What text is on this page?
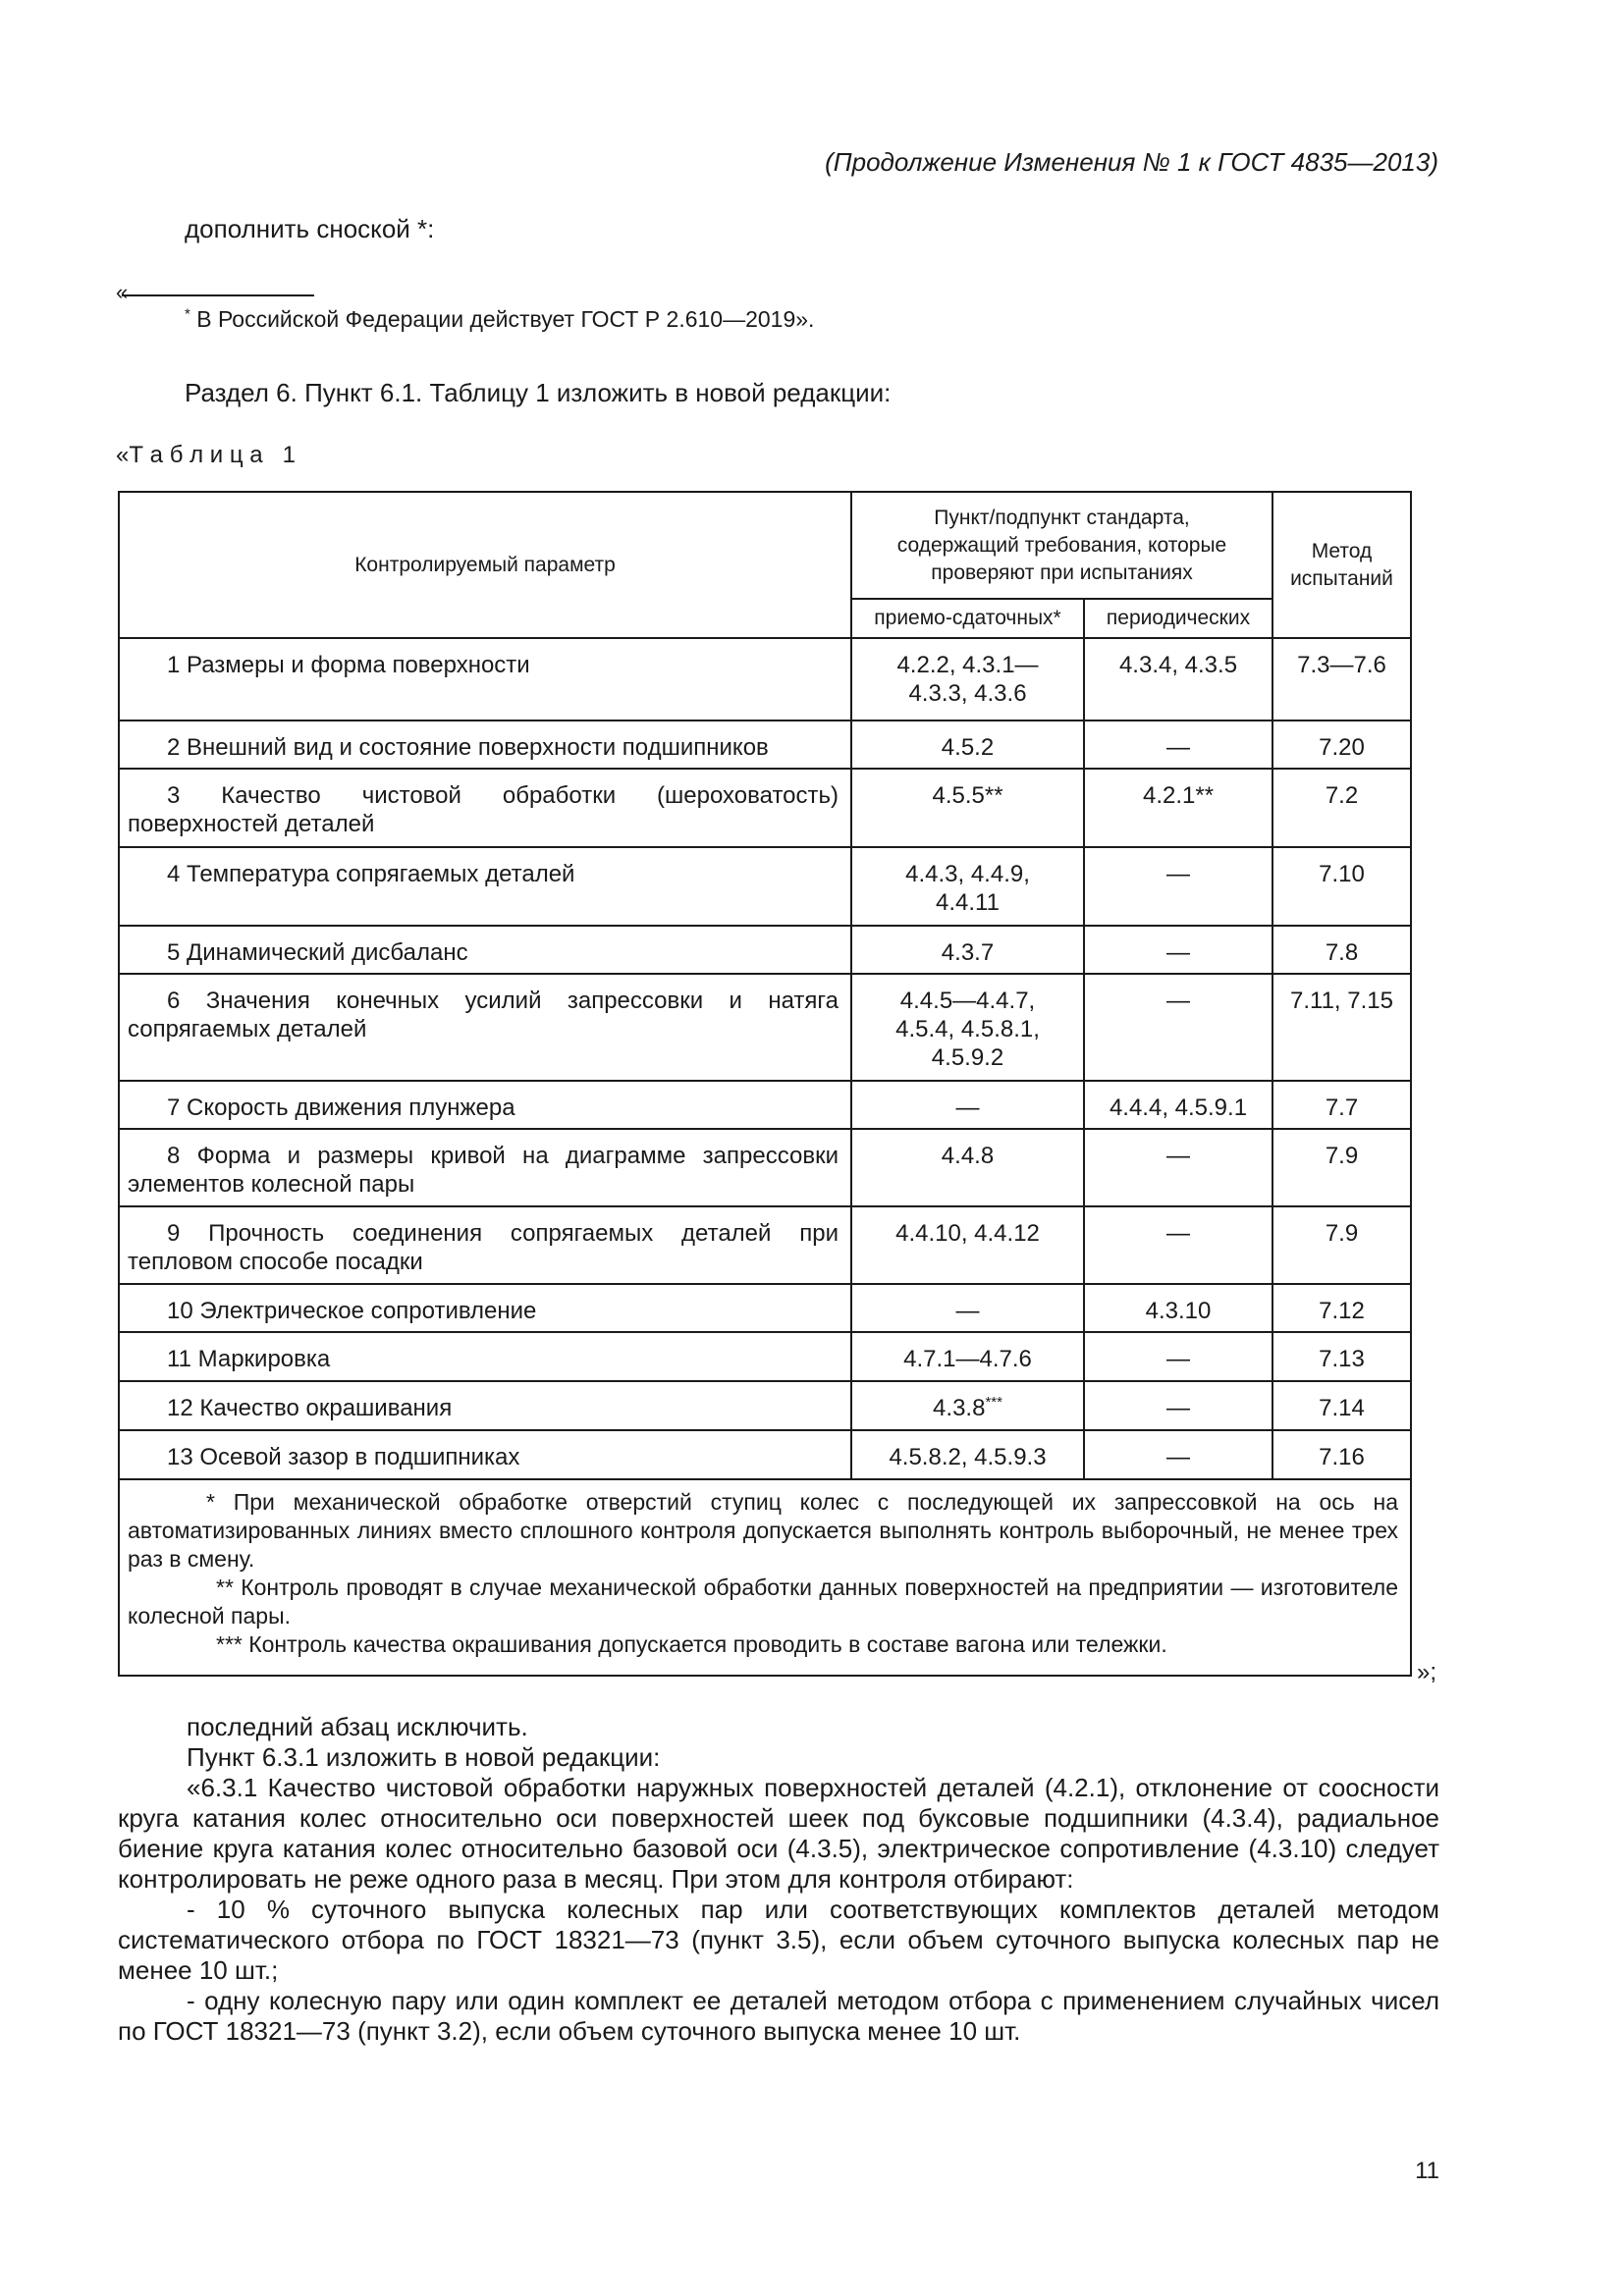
(Продолжение Изменения № 1 к ГОСТ 4835—2013)
дополнить сноской *:
«
* В Российской Федерации действует ГОСТ Р 2.610—2019».
Раздел 6. Пункт 6.1. Таблицу 1 изложить в новой редакции:
«Т а б л и ц а   1
Контролируемый параметр	Пункт/подпункт стандарта, содержащий требования, которые проверяют при испытаниях		Метод испытаний
	приемо-сдаточных*	периодических	
1 Размеры и форма поверхности	4.2.2, 4.3.1— 4.3.3, 4.3.6	4.3.4, 4.3.5	7.3—7.6
2 Внешний вид и состояние поверхности подшипников	4.5.2	—	7.20
3 Качество чистовой обработки (шероховатость) поверхностей деталей	4.5.5**	4.2.1**	7.2
4 Температура сопрягаемых деталей	4.4.3, 4.4.9, 4.4.11	—	7.10
5 Динамический дисбаланс	4.3.7	—	7.8
6 Значения конечных усилий запрессовки и натяга сопрягаемых деталей	4.4.5—4.4.7, 4.5.4, 4.5.8.1, 4.5.9.2	—	7.11, 7.15
7 Скорость движения плунжера	—	4.4.4, 4.5.9.1	7.7
8 Форма и размеры кривой на диаграмме запрессовки элементов колесной пары	4.4.8	—	7.9
9 Прочность соединения сопрягаемых деталей при тепловом способе посадки	4.4.10, 4.4.12	—	7.9
10 Электрическое сопротивление	—	4.3.10	7.12
11 Маркировка	4.7.1—4.7.6	—	7.13
12 Качество окрашивания	4.3.8***	—	7.14
13 Осевой зазор в подшипниках	4.5.8.2, 4.5.9.3	—	7.16

* При механической обработке отверстий ступиц колес с последующей их запрессовкой на ось на автоматизированных линиях вместо сплошного контроля допускается выполнять контроль выборочный, не менее трех раз в смену.

** Контроль проводят в случае механической обработки данных поверхностей на предприятии — изготовителе колесной пары.

*** Контроль качества окрашивания допускается проводить в составе вагона или тележки.			

»;
последний абзац исключить.
Пункт 6.3.1 изложить в новой редакции:
«6.3.1 Качество чистовой обработки наружных поверхностей деталей (4.2.1), отклонение от соосности круга катания колес относительно оси поверхностей шеек под буксовые подшипники (4.3.4), радиальное биение круга катания колес относительно базовой оси (4.3.5), электрическое сопротивление (4.3.10) следует контролировать не реже одного раза в месяц. При этом для контроля отбирают:
- 10 % суточного выпуска колесных пар или соответствующих комплектов деталей методом систематического отбора по ГОСТ 18321—73 (пункт 3.5), если объем суточного выпуска колесных пар не менее 10 шт.;
- одну колесную пару или один комплект ее деталей методом отбора с применением случайных чисел по ГОСТ 18321—73 (пункт 3.2), если объем суточного выпуска менее 10 шт.
11
